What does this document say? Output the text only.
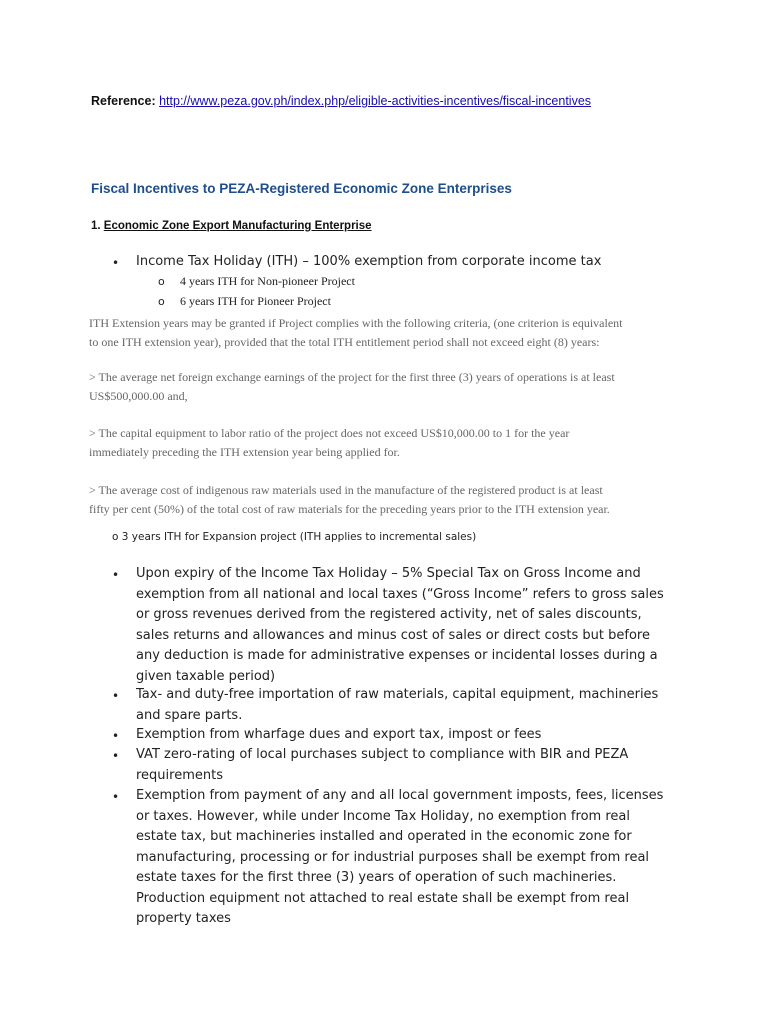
Reference: http://www.peza.gov.ph/index.php/eligible-activities-incentives/fiscal-incentives
Fiscal Incentives to PEZA-Registered Economic Zone Enterprises
1. Economic Zone Export Manufacturing Enterprise
• Income Tax Holiday (ITH) – 100% exemption from corporate income tax
o 4 years ITH for Non-pioneer Project
o 6 years ITH for Pioneer Project
ITH Extension years may be granted if Project complies with the following criteria, (one criterion is equivalent
to one ITH extension year), provided that the total ITH entitlement period shall not exceed eight (8) years:
> The average net foreign exchange earnings of the project for the first three (3) years of operations is at least
US$500,000.00 and,
> The capital equipment to labor ratio of the project does not exceed US$10,000.00 to 1 for the year
immediately preceding the ITH extension year being applied for.
> The average cost of indigenous raw materials used in the manufacture of the registered product is at least
fifty per cent (50%) of the total cost of raw materials for the preceding years prior to the ITH extension year.
o 3 years ITH for Expansion project (ITH applies to incremental sales)
• Upon expiry of the Income Tax Holiday – 5% Special Tax on Gross Income and
exemption from all national and local taxes (“Gross Income” refers to gross sales
or gross revenues derived from the registered activity, net of sales discounts,
sales returns and allowances and minus cost of sales or direct costs but before
any deduction is made for administrative expenses or incidental losses during a
given taxable period)
• Tax- and duty-free importation of raw materials, capital equipment, machineries
and spare parts.
• Exemption from wharfage dues and export tax, impost or fees
• VAT zero-rating of local purchases subject to compliance with BIR and PEZA
requirements
• Exemption from payment of any and all local government imposts, fees, licenses
or taxes. However, while under Income Tax Holiday, no exemption from real
estate tax, but machineries installed and operated in the economic zone for
manufacturing, processing or for industrial purposes shall be exempt from real
estate taxes for the first three (3) years of operation of such machineries.
Production equipment not attached to real estate shall be exempt from real
property taxes
